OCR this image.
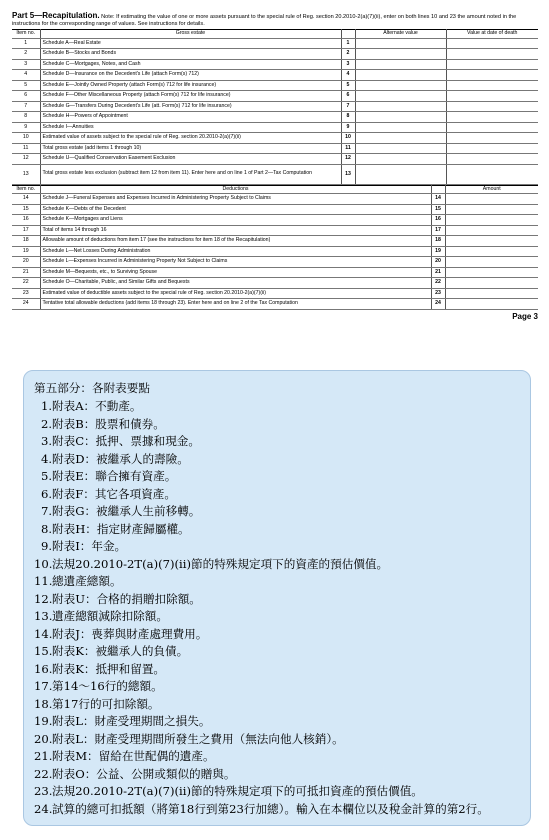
Part 5—Recapitulation. Note: If estimating the value of one or more assets pursuant to the special rule of Reg. section 20.2010-2(a)(7)(ii), enter on both lines 10 and 23 the amount noted in the instructions for the corresponding range of values. See instructions for details.
Item no.	Gross estate		Alternate value	Value at date of death
1	Schedule A—Real Estate	1		
2	Schedule B—Stocks and Bonds	2		
3	Schedule C—Mortgages, Notes, and Cash	3		
4	Schedule D—Insurance on the Decedent's Life (attach Form(s) 712)	4		
5	Schedule E—Jointly Owned Property (attach Form(s) 712 for life insurance)	5		
6	Schedule F—Other Miscellaneous Property (attach Form(s) 712 for life insurance)	6		
7	Schedule G—Transfers During Decedent's Life (att. Form(s) 712 for life insurance)	7		
8	Schedule H—Powers of Appointment	8		
9	Schedule I—Annuities	9		
10	Estimated value of assets subject to the special rule of Reg. section 20.2010-2(a)(7)(ii)	10		
11	Total gross estate (add items 1 through 10)	11		
12	Schedule U—Qualified Conservation Easement Exclusion	12		
13	Total gross estate less exclusion (subtract item 12 from item 11). Enter here and on line 1 of Part 2—Tax Computation	13		
Item no.	Deductions		Amount
14	Schedule J—Funeral Expenses and Expenses Incurred in Administering Property Subject to Claims	14	
15	Schedule K—Debts of the Decedent	15	
16	Schedule K—Mortgages and Liens	16	
17	Total of items 14 through 16	17	
18	Allowable amount of deductions from item 17 (see the instructions for item 18 of the Recapitulation)	18	
19	Schedule L—Net Losses During Administration	19	
20	Schedule L—Expenses Incurred in Administering Property Not Subject to Claims	20	
21	Schedule M—Bequests, etc., to Surviving Spouse	21	
22	Schedule O—Charitable, Public, and Similar Gifts and Bequests	22	
23	Estimated value of deductible assets subject to the special rule of Reg. section 20.2010-2(a)(7)(ii)	23	
24	Tentative total allowable deductions (add items 18 through 23). Enter here and on line 2 of the Tax Computation	24	
Page 3
第五部分：各附表要點
1. 附表A：不動產。
2. 附表B：股票和債券。
3. 附表C：抵押、票據和現金。
4. 附表D：被繼承人的壽險。
5. 附表E：聯合擁有資產。
6. 附表F：其它各項資產。
7. 附表G：被繼承人生前移轉。
8. 附表H：指定財產歸屬權。
9. 附表I：年金。
10. 法規20.2010-2T(a)(7)(ii)節的特殊規定項下的資產的預估價值。
11. 總遺產總額。
12. 附表U：合格的捐贈扣除額。
13. 遺產總額減除扣除額。
14. 附表J：喪葬與財產處理費用。
15. 附表K：被繼承人的負債。
16. 附表K：抵押和留置。
17. 第14～16行的總額。
18. 第17行的可扣除額。
19. 附表L：財產受理期間之損失。
20. 附表L：財產受理期間所發生之費用（無法向他人核銷）。
21. 附表M：留給在世配偶的遺產。
22. 附表O：公益、公開或類似的贈與。
23. 法規20.2010-2T(a)(7)(ii)節的特殊規定項下的可抵扣資產的預估價值。
24. 試算的總可扣抵額（將第18行到第23行加總）。輸入在本欄位以及稅金計算的第2行。
